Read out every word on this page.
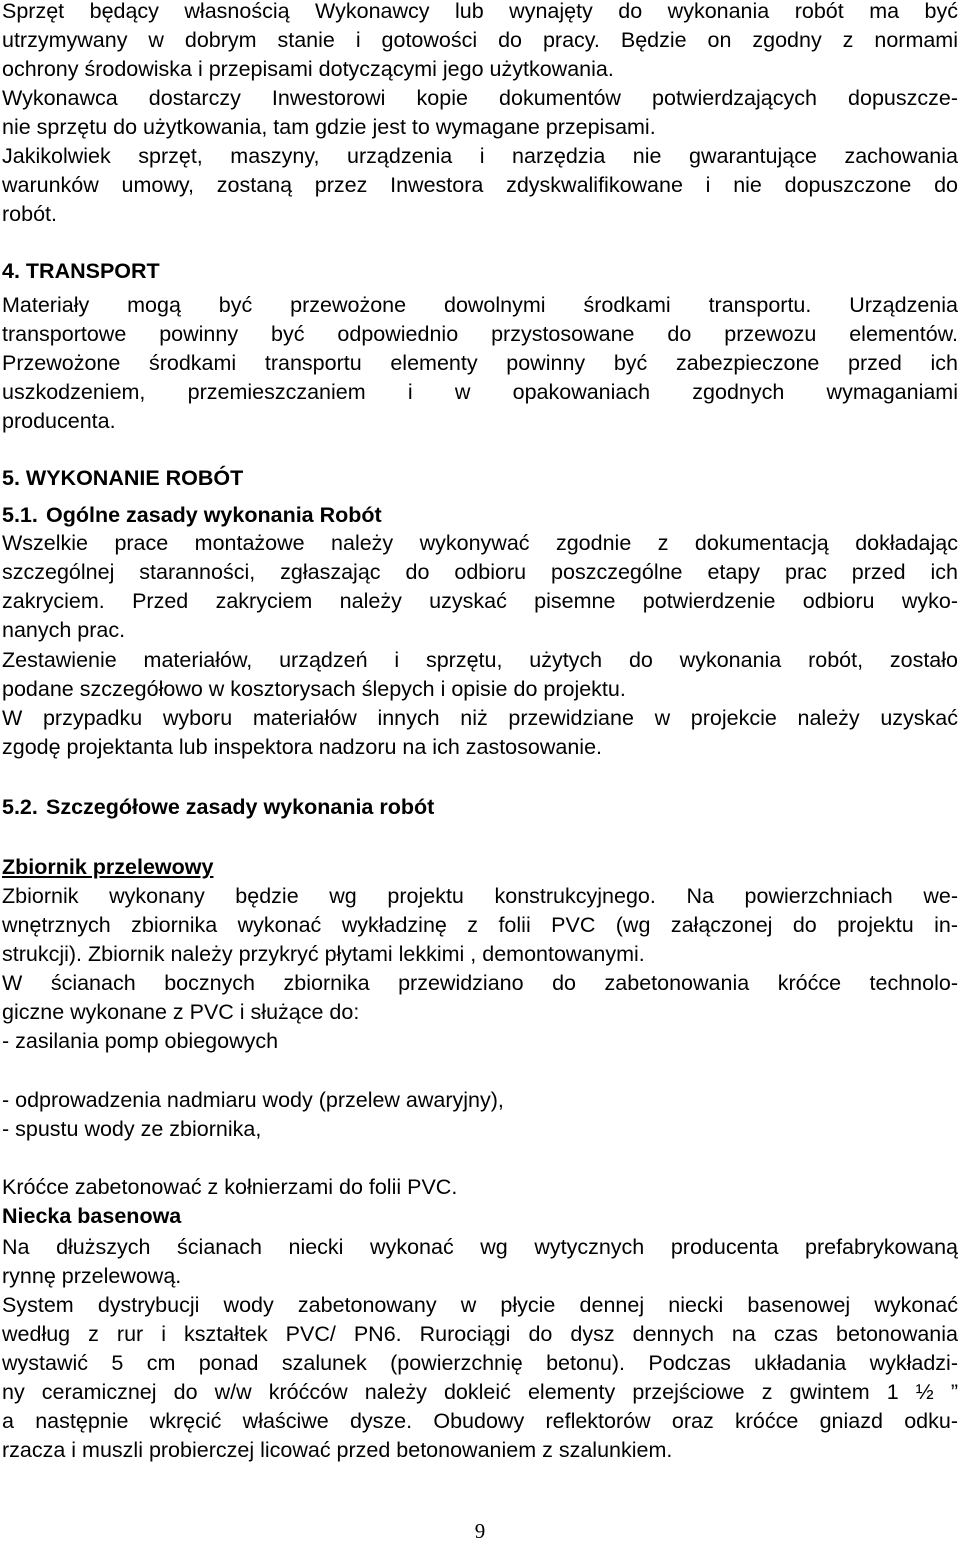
Sprzęt będący własnością Wykonawcy lub wynajęty do wykonania robót ma być
utrzymywany w dobrym stanie i gotowości do pracy. Będzie on zgodny z normami
ochrony środowiska i przepisami dotyczącymi jego użytkowania.
Wykonawca dostarczy Inwestorowi kopie dokumentów potwierdzających dopuszcze-
nie sprzętu do użytkowania, tam gdzie jest to wymagane przepisami.
Jakikolwiek sprzęt, maszyny, urządzenia i narzędzia nie gwarantujące zachowania
warunków umowy, zostaną przez Inwestora zdyskwalifikowane i nie dopuszczone do
robót.
4. TRANSPORT
Materiały mogą być przewożone dowolnymi środkami transportu. Urządzenia
transportowe powinny być odpowiednio przystosowane do przewozu elementów.
Przewożone środkami transportu elementy powinny być zabezpieczone przed ich
uszkodzeniem, przemieszczaniem i w opakowaniach zgodnych wymaganiami
producenta.
5. WYKONANIE ROBÓT
5.1. Ogólne zasady wykonania Robót
Wszelkie prace montażowe należy wykonywać zgodnie z dokumentacją dokładając
szczególnej staranności, zgłaszając do odbioru poszczególne etapy prac przed ich
zakryciem. Przed zakryciem należy uzyskać pisemne potwierdzenie odbioru wyko-
nanych prac.
Zestawienie materiałów, urządzeń i sprzętu, użytych do wykonania robót, zostało
podane szczegółowo w kosztorysach ślepych i opisie do projektu.
W przypadku wyboru materiałów innych niż przewidziane w projekcie należy uzyskać
zgodę projektanta lub inspektora nadzoru na ich zastosowanie.
5.2. Szczegółowe zasady wykonania robót
Zbiornik przelewowy
Zbiornik wykonany będzie wg projektu konstrukcyjnego. Na powierzchniach we-
wnętrznych zbiornika wykonać wykładzinę z folii PVC (wg załączonej do projektu in-
strukcji). Zbiornik należy przykryć płytami lekkimi , demontowanymi.
W ścianach bocznych zbiornika przewidziano do zabetonowania króćce technolo-
giczne wykonane z PVC i służące do:
- zasilania pomp obiegowych
- odprowadzenia nadmiaru wody (przelew awaryjny),
- spustu wody ze zbiornika,
Króćce zabetonować z kołnierzami do folii PVC.
Niecka basenowa
Na dłuższych ścianach niecki wykonać wg wytycznych producenta prefabrykowaną
rynnę przelewową.
System dystrybucji wody zabetonowany w płycie dennej niecki basenowej wykonać
według z rur i kształtek PVC/ PN6. Rurociągi do dysz dennych na czas betonowania
wystawić 5 cm ponad szalunek (powierzchnię betonu). Podczas układania wykładzi-
ny ceramicznej do w/w króćców należy dokleić elementy przejściowe z gwintem 1 ½ ”
a następnie wkręcić właściwe dysze. Obudowy reflektorów oraz króćce gniazd odku-
rzacza i muszli probierczej licować przed betonowaniem z szalunkiem.
9
